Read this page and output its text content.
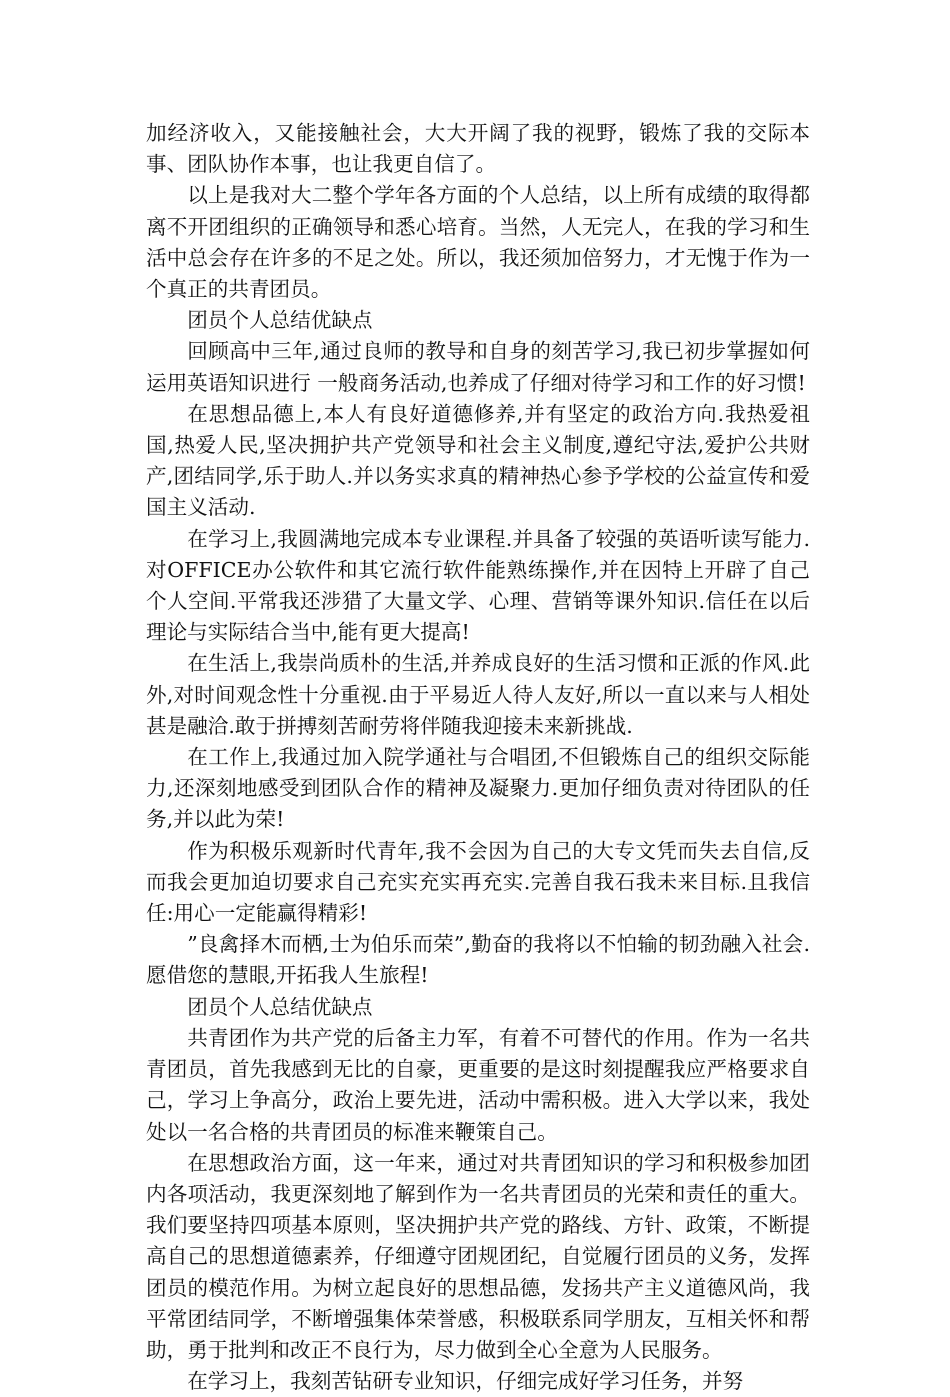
加经济收入，又能接触社会，大大开阔了我的视野，锻炼了我的交际本事、团队协作本事，也让我更自信了。

以上是我对大二整个学年各方面的个人总结，以上所有成绩的取得都离不开团组织的正确领导和悉心培育。当然，人无完人，在我的学习和生活中总会存在许多的不足之处。所以，我还须加倍努力，才无愧于作为一个真正的共青团员。

团员个人总结优缺点

回顾高中三年,通过良师的教导和自身的刻苦学习,我已初步掌握如何运用英语知识进行 一般商务活动,也养成了仔细对待学习和工作的好习惯!

在思想品德上,本人有良好道德修养,并有坚定的政治方向.我热爱祖国,热爱人民,坚决拥护共产党领导和社会主义制度,遵纪守法,爱护公共财产,团结同学,乐于助人.并以务实求真的精神热心参予学校的公益宣传和爱国主义活动.

在学习上,我圆满地完成本专业课程.并具备了较强的英语听读写能力.对OFFICE办公软件和其它流行软件能熟练操作,并在因特上开辟了自己个人空间.平常我还涉猎了大量文学、心理、营销等课外知识.信任在以后理论与实际结合当中,能有更大提高!

在生活上,我崇尚质朴的生活,并养成良好的生活习惯和正派的作风.此外,对时间观念性十分重视.由于平易近人待人友好,所以一直以来与人相处甚是融洽.敢于拼搏刻苦耐劳将伴随我迎接未来新挑战.

在工作上,我通过加入院学通社与合唱团,不但锻炼自己的组织交际能力,还深刻地感受到团队合作的精神及凝聚力.更加仔细负责对待团队的任务,并以此为荣!

作为积极乐观新时代青年,我不会因为自己的大专文凭而失去自信,反而我会更加迫切要求自己充实充实再充实.完善自我石我未来目标.且我信任:用心一定能赢得精彩!

”良禽择木而栖,士为伯乐而荣”,勤奋的我将以不怕输的韧劲融入社会.愿借您的慧眼,开拓我人生旅程!

团员个人总结优缺点

共青团作为共产党的后备主力军，有着不可替代的作用。作为一名共青团员，首先我感到无比的自豪，更重要的是这时刻提醒我应严格要求自己，学习上争高分，政治上要先进，活动中需积极。进入大学以来，我处处以一名合格的共青团员的标准来鞭策自己。

在思想政治方面，这一年来，通过对共青团知识的学习和积极参加团内各项活动，我更深刻地了解到作为一名共青团员的光荣和责任的重大。我们要坚持四项基本原则，坚决拥护共产党的路线、方针、政策，不断提高自己的思想道德素养，仔细遵守团规团纪，自觉履行团员的义务，发挥团员的模范作用。为树立起良好的思想品德，发扬共产主义道德风尚，我平常团结同学，不断增强集体荣誉感，积极联系同学朋友，互相关怀和帮助，勇于批判和改正不良行为，尽力做到全心全意为人民服务。

在学习上，我刻苦钻研专业知识，仔细完成好学习任务，并努
